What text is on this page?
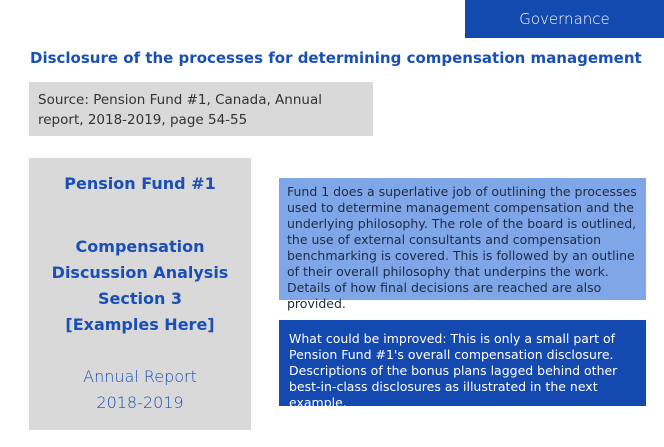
Governance
Disclosure of the processes for determining compensation management
Source: Pension Fund #1, Canada, Annual report, 2018-2019, page 54-55
Pension Fund #1
Compensation
Discussion Analysis
Section 3
[Examples Here]
Annual Report
2018-2019
Fund 1 does a superlative job of outlining the processes used to determine management compensation and the underlying philosophy. The role of the board is outlined, the use of external consultants and compensation benchmarking is covered. This is followed by an outline of their overall philosophy that underpins the work. Details of how final decisions are reached are also provided.
What could be improved: This is only a small part of Pension Fund #1's overall compensation disclosure. Descriptions of the bonus plans lagged behind other best-in-class disclosures as illustrated in the next example.
